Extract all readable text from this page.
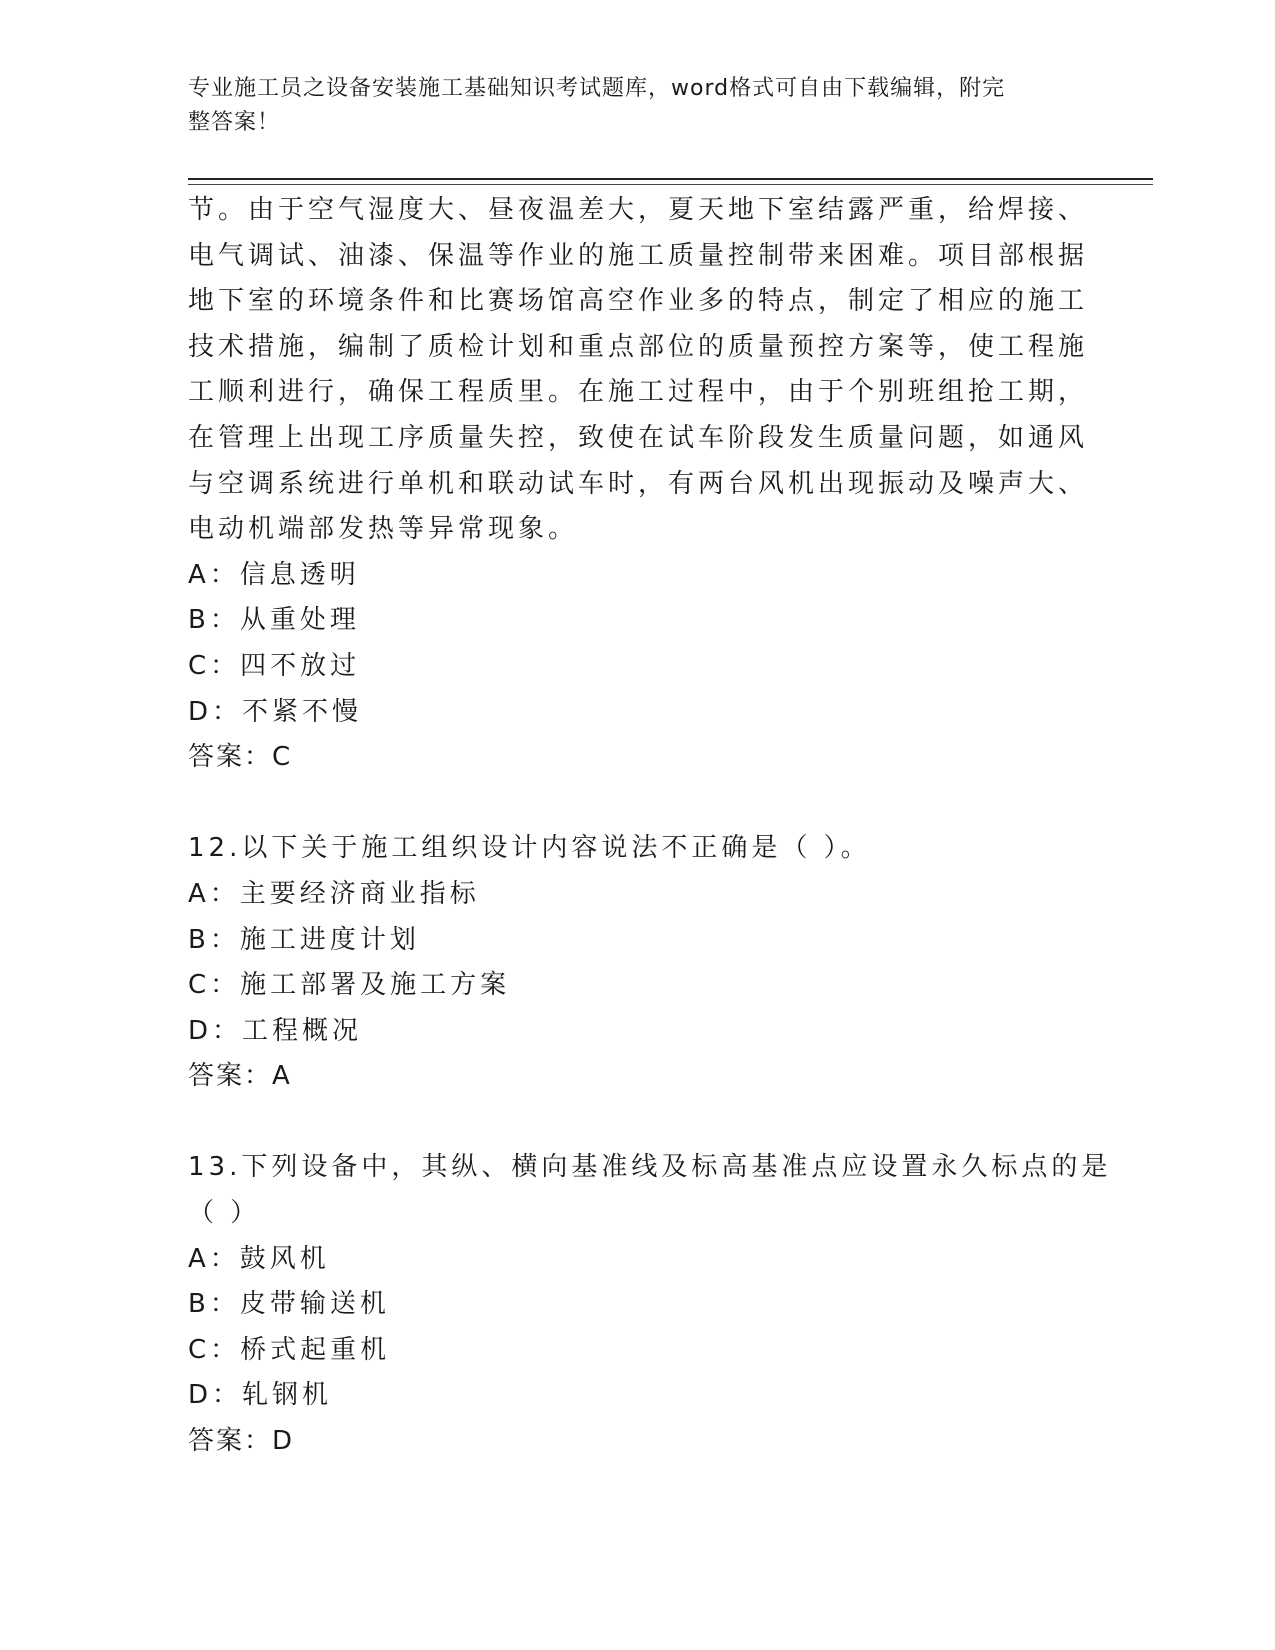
专业施工员之设备安装施工基础知识考试题库，word格式可自由下载编辑，附完
整答案！
节。由于空气湿度大、昼夜温差大，夏天地下室结露严重，给焊接、
电气调试、油漆、保温等作业的施工质量控制带来困难。项目部根据
地下室的环境条件和比赛场馆高空作业多的特点，制定了相应的施工
技术措施，编制了质检计划和重点部位的质量预控方案等，使工程施
工顺利进行，确保工程质里。在施工过程中，由于个别班组抢工期，
在管理上出现工序质量失控，致使在试车阶段发生质量问题，如通风
与空调系统进行单机和联动试车时，有两台风机出现振动及噪声大、
电动机端部发热等异常现象。
A：信息透明
B：从重处理
C：四不放过
D：不紧不慢
答案：C
12.以下关于施工组织设计内容说法不正确是（ ）。
A：主要经济商业指标
B：施工进度计划
C：施工部署及施工方案
D：工程概况
答案：A
13.下列设备中，其纵、横向基准线及标高基准点应设置永久标点的是
（ ）
A：鼓风机
B：皮带输送机
C：桥式起重机
D：轧钢机
答案：D
